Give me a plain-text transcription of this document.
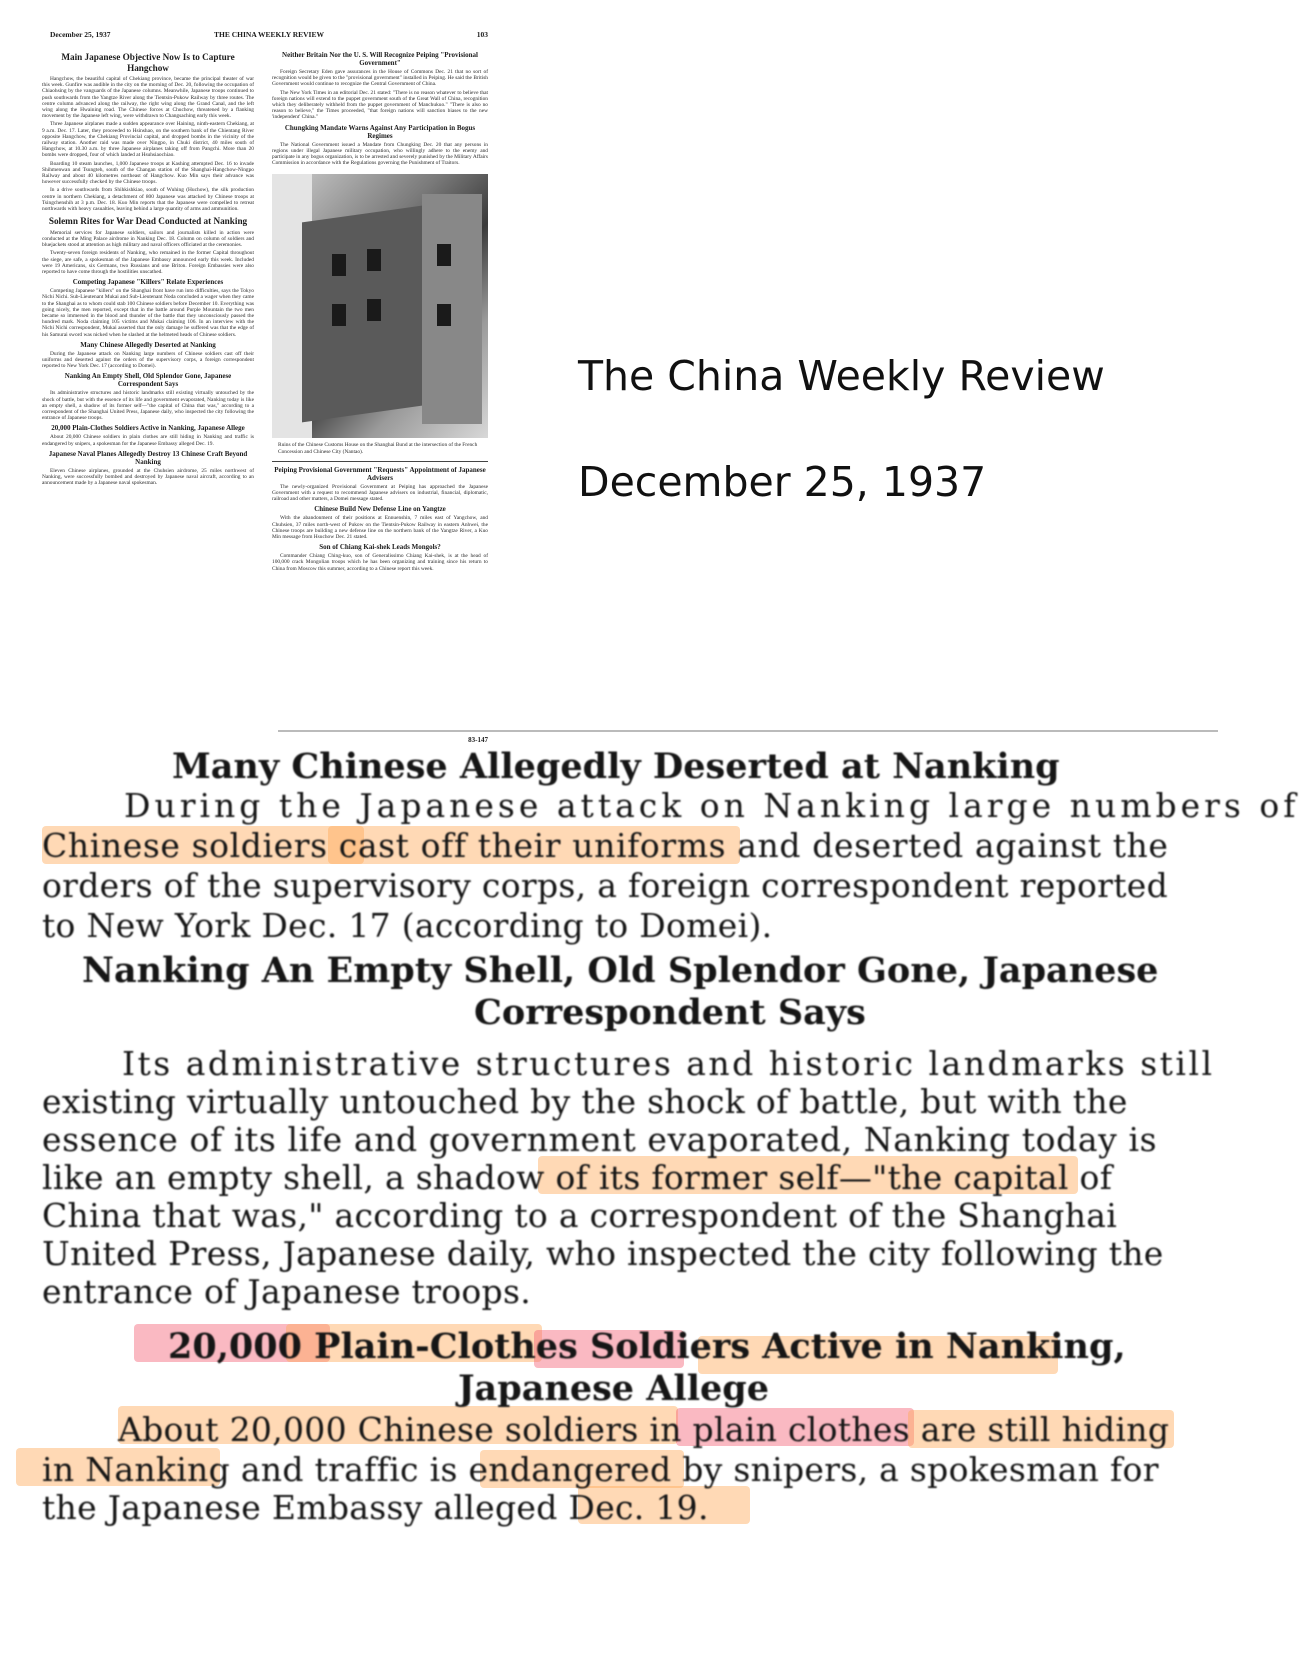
December 25, 1937	THE CHINA WEEKLY REVIEW	103
Main Japanese Objective Now Is to Capture Hangchow

Hangchow, the beautiful capital of Chekiang province, became the principal theater of war this week. Gunfire was audible in the city on the morning of Dec. 20, following the occupation of Chiaohsing by the vanguards of the Japanese columns. Meanwhile, Japanese troops continued to push southwards from the Yangtze River along the Tientsin-Pukow Railway by three routes. The centre column advanced along the railway, the right wing along the Grand Canal, and the left wing along the Hwaining road. The Chinese forces at Chuchow, threatened by a flanking movement by the Japanese left wing, were withdrawn to Changsaching early this week.

Three Japanese airplanes made a sudden appearance over Haining, ninth-eastern Chekiang, at 9 a.m. Dec. 17. Later, they proceeded to Hsinshao, on the southern bank of the Chientang River opposite Hangchow, the Chekiang Provincial capital, and dropped bombs in the vicinity of the railway station. Another raid was made over Ningpo, in Chuki district, 40 miles south of Hangchow, at 10.30 a.m. by three Japanese airplanes taking off from Pangchi. More than 20 bombs were dropped, four of which landed at Hsuhsiaochiao.

Boarding 10 steam launches, 1,000 Japanese troops at Kashing attempted Dec. 16 to invade Shihmenwan and Tsungteh, south of the Changan station of the Shanghai-Hangchow-Ningpo Railway and about 40 kilometres northeast of Hangchow. Kuo Min says their advance was however successfully checked by the Chinese troops.

In a drive southwards from Shihkishkiao, south of Wuhing (Huchow), the silk production centre in northern Chekiang, a detachment of 800 Japanese was attacked by Chinese troops at Tsingchenshih at 3 p.m. Dec. 18. Kuo Min reports that the Japanese were compelled to retreat northwards with heavy casualties, leaving behind a large quantity of arms and ammunition.

Solemn Rites for War Dead Conducted at Nanking

Memorial services for Japanese soldiers, sailors and journalists killed in action were conducted at the Ming Palace airdrome in Nanking Dec. 18. Column on column of soldiers and bluejackets stood at attention as high military and naval officers officiated at the ceremonies.

Twenty-seven foreign residents of Nanking, who remained in the former Capital throughout the siege, are safe, a spokesman of the Japanese Embassy announced early this week. Included were 19 Americans, six Germans, two Russians and one Briton. Foreign Embassies were also reported to have come through the hostilities unscathed.

Competing Japanese "Killers" Relate Experiences

Competing Japanese "killers" on the Shanghai front have run into difficulties, says the Tokyo Nichi Nichi. Sub-Lieutenant Mukai and Sub-Lieutenant Noda concluded a wager when they came to the Shanghai as to whom could stab 100 Chinese soldiers before December 10. Everything was going nicely, the men reported, except that in the battle around Purple Mountain the two men became so immersed in the blood and thunder of the battle that they unconsciously passed the hundred mark. Noda claiming 105 victims and Mukai claiming 106. In an interview with the Nichi Nichi correspondent, Mukai asserted that the only damage he suffered was that the edge of his Samurai sword was nicked when he slashed at the helmeted heads of Chinese soldiers.

Many Chinese Allegedly Deserted at Nanking

During the Japanese attack on Nanking large numbers of Chinese soldiers cast off their uniforms and deserted against the orders of the supervisory corps, a foreign correspondent reported to New York Dec. 17 (according to Domei).

Nanking An Empty Shell, Old Splendor Gone, Japanese Correspondent Says

Its administrative structures and historic landmarks still existing virtually untouched by the shock of battle, but with the essence of its life and government evaporated, Nanking today is like an empty shell, a shadow of its former self—"the capital of China that was," according to a correspondent of the Shanghai United Press, Japanese daily, who inspected the city following the entrance of Japanese troops.

20,000 Plain-Clothes Soldiers Active in Nanking, Japanese Allege

About 20,000 Chinese soldiers in plain clothes are still hiding in Nanking and traffic is endangered by snipers, a spokesman for the Japanese Embassy alleged Dec. 19.

Japanese Naval Planes Allegedly Destroy 13 Chinese Craft Beyond Nanking

Eleven Chinese airplanes, grounded at the Chuhsien airdrome, 25 miles northwest of Nanking, were successfully bombed and destroyed by Japanese naval aircraft, according to an announcement made by a Japanese naval spokesman.

Neither Britain Nor the U. S. Will Recognize Peiping "Provisional Government"

Foreign Secretary Eden gave assurances in the House of Commons Dec. 21 that no sort of recognition would be given to the "provisional government" installed in Peiping. He said the British Government would continue to recognize the Central Government of China.

The New York Times in an editorial Dec. 21 stated: "There is no reason whatever to believe that foreign nations will extend to the puppet government south of the Great Wall of China, recognition which they deliberately withheld from the puppet government of Manchukuo." "There is also no reason to believe," the Times proceeded, "that foreign nations will sanction biases to the new 'independent' China."

Chungking Mandate Warns Against Any Participation in Bogus Regimes

The National Government issued a Mandate from Chungking Dec. 20 that any persons in regions under illegal Japanese military occupation, who willingly adhere to the enemy and participate in any bogus organization, is to be arrested and severely punished by the Military Affairs Commission in accordance with the Regulations governing the Punishment of Traitors.

Ruins of the Chinese Customs House on the Shanghai Bund at the intersection of the French Concession and Chinese City (Nantao).
Peiping Provisional Government "Requests" Appointment of Japanese Advisers

The newly-organized Provisional Government at Peiping has approached the Japanese Government with a request to recommend Japanese advisers on industrial, financial, diplomatic, railroad and other matters, a Domei message stated.

Chinese Build New Defense Line on Yangtze

With the abandonment of their positions at Ennuenshin, 7 miles east of Yangchow, and Chuhsien, 37 miles north-west of Pukow on the Tientsin-Pukow Railway in eastern Anhwei, the Chinese troops are building a new defense line on the northern bank of the Yangtze River, a Kuo Min message from Hsuchow Dec. 21 stated.

Son of Chiang Kai-shek Leads Mongols?

Commander Chiang Ching-kuo, son of Generalissimo Chiang Kai-shek, is at the head of 100,000 crack Mongolian troops which he has been organizing and training since his return to China from Moscow this summer, according to a Chinese report this week.

83-147
The China Weekly Review
December 25, 1937

Many Chinese Allegedly Deserted at Nanking

During the Japanese attack on Nanking large numbers of

Chinese soldiers cast off their uniforms and deserted against the

orders of the supervisory corps, a foreign correspondent reported

to New York Dec. 17 (according to Domei).

Nanking An Empty Shell, Old Splendor Gone, Japanese

Correspondent Says

Its administrative structures and historic landmarks still

existing virtually untouched by the shock of battle, but with the

essence of its life and government evaporated, Nanking today is

like an empty shell, a shadow of its former self—"the capital of

China that was," according to a correspondent of the Shanghai

United Press, Japanese daily, who inspected the city following the

entrance of Japanese troops.

20,000 Plain-Clothes Soldiers Active in Nanking,

Japanese Allege

About 20,000 Chinese soldiers in plain clothes are still hiding

in Nanking and traffic is endangered by snipers, a spokesman for

the Japanese Embassy alleged Dec. 19.
